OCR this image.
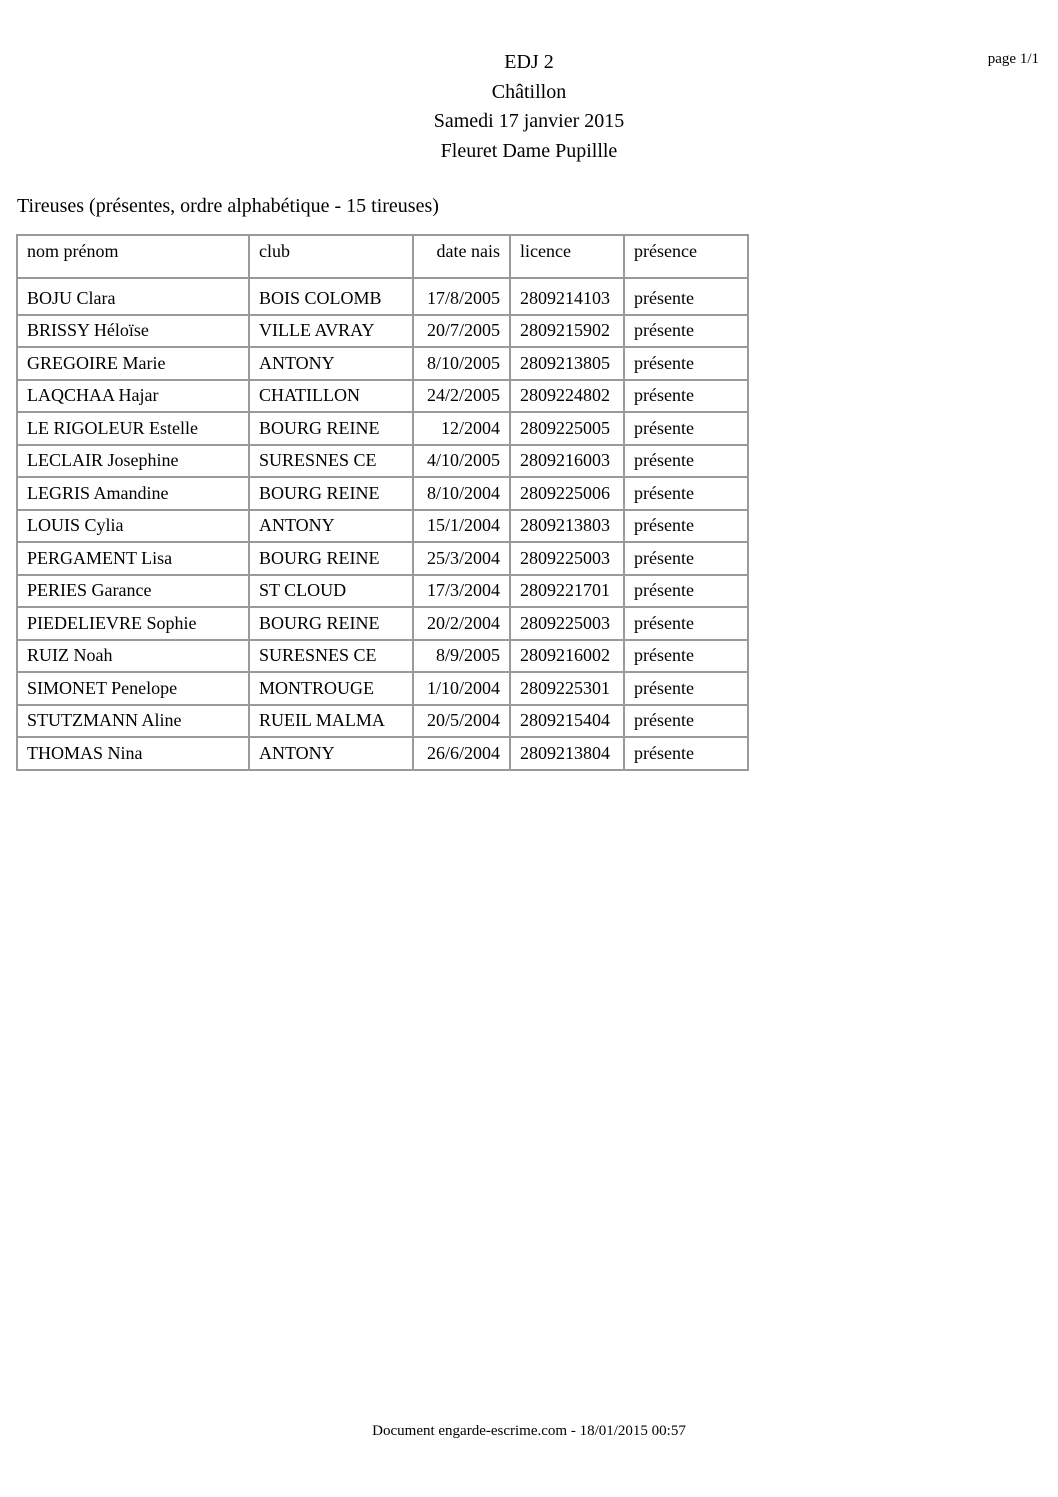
EDJ 2
Châtillon
Samedi 17 janvier 2015
Fleuret Dame Pupillle
page 1/1
Tireuses (présentes, ordre alphabétique - 15 tireuses)
nom prénom	club	date nais	licence	présence
BOJU Clara	BOIS COLOMB	17/8/2005	2809214103	présente
BRISSY Héloïse	VILLE AVRAY	20/7/2005	2809215902	présente
GREGOIRE Marie	ANTONY	8/10/2005	2809213805	présente
LAQCHAA Hajar	CHATILLON	24/2/2005	2809224802	présente
LE RIGOLEUR Estelle	BOURG REINE	12/2004	2809225005	présente
LECLAIR Josephine	SURESNES CE	4/10/2005	2809216003	présente
LEGRIS Amandine	BOURG REINE	8/10/2004	2809225006	présente
LOUIS Cylia	ANTONY	15/1/2004	2809213803	présente
PERGAMENT Lisa	BOURG REINE	25/3/2004	2809225003	présente
PERIES Garance	ST CLOUD	17/3/2004	2809221701	présente
PIEDELIEVRE Sophie	BOURG REINE	20/2/2004	2809225003	présente
RUIZ Noah	SURESNES CE	8/9/2005	2809216002	présente
SIMONET Penelope	MONTROUGE	1/10/2004	2809225301	présente
STUTZMANN Aline	RUEIL MALMA	20/5/2004	2809215404	présente
THOMAS Nina	ANTONY	26/6/2004	2809213804	présente
Document engarde-escrime.com - 18/01/2015 00:57
